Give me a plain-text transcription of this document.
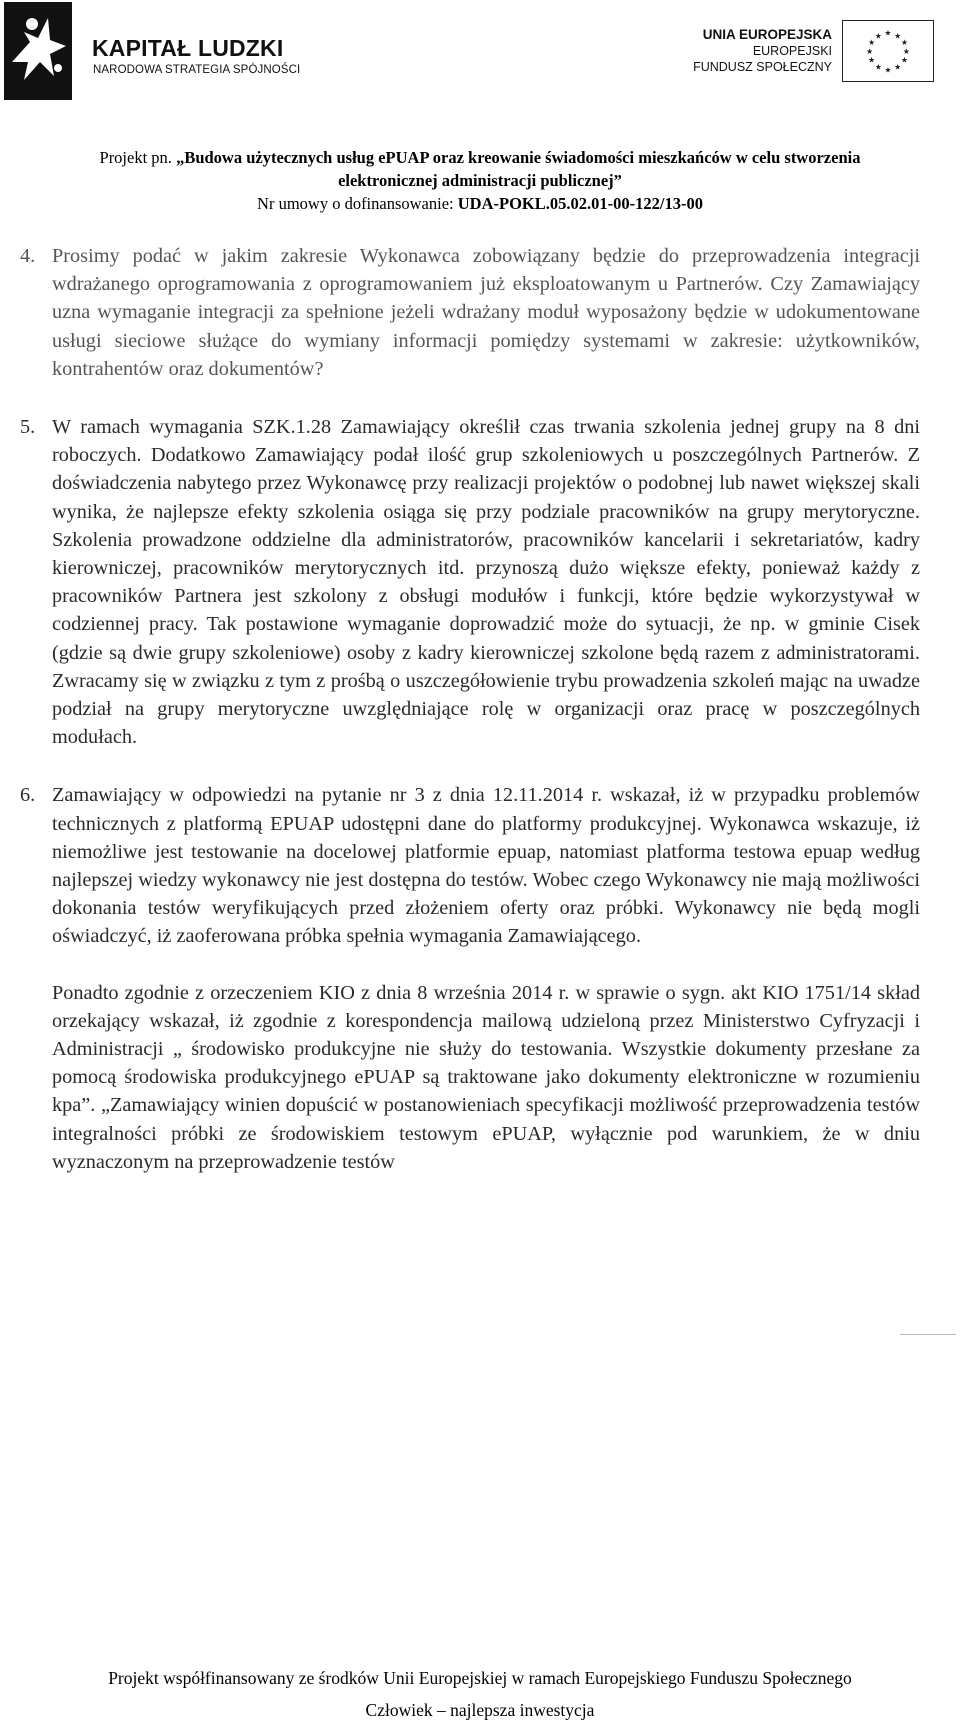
KAPITAŁ LUDZKI
NARODOWA STRATEGIA SPÓJNOŚCI
UNIA EUROPEJSKA
EUROPEJSKI
FUNDUSZ SPOŁECZNY
★ ★
★
★
★
★
★
★
★
★
★
★
Projekt pn. „Budowa użytecznych usług ePUAP oraz kreowanie świadomości mieszkańców w celu stworzenia
elektronicznej administracji publicznej”
Nr umowy o dofinansowanie: UDA-POKL.05.02.01-00-122/13-00
4. Prosimy podać w jakim zakresie Wykonawca zobowiązany będzie do przeprowadzenia integracji wdrażanego oprogramowania z oprogramowaniem już eksploatowanym u Partnerów. Czy Zamawiający uzna wymaganie integracji za spełnione jeżeli wdrażany moduł wyposażony będzie w udokumentowane usługi sieciowe służące do wymiany informacji pomiędzy systemami w zakresie: użytkowników, kontrahentów oraz dokumentów?

5. W ramach wymagania SZK.1.28 Zamawiający określił czas trwania szkolenia jednej grupy na 8 dni roboczych. Dodatkowo Zamawiający podał ilość grup szkoleniowych u poszczególnych Partnerów. Z doświadczenia nabytego przez Wykonawcę przy realizacji projektów o podobnej lub nawet większej skali wynika, że najlepsze efekty szkolenia osiąga się przy podziale pracowników na grupy merytoryczne. Szkolenia prowadzone oddzielne dla administratorów, pracowników kancelarii i sekretariatów, kadry kierowniczej, pracowników merytorycznych itd. przynoszą dużo większe efekty, ponieważ każdy z pracowników Partnera jest szkolony z obsługi modułów i funkcji, które będzie wykorzystywał w codziennej pracy. Tak postawione wymaganie doprowadzić może do sytuacji, że np. w gminie Cisek (gdzie są dwie grupy szkoleniowe) osoby z kadry kierowniczej szkolone będą razem z administratorami. Zwracamy się w związku z tym z prośbą o uszczegółowienie trybu prowadzenia szkoleń mając na uwadze podział na grupy merytoryczne uwzględniające rolę w organizacji oraz pracę w poszczególnych modułach.

6. Zamawiający w odpowiedzi na pytanie nr 3 z dnia 12.11.2014 r. wskazał, iż w przypadku problemów technicznych z platformą EPUAP udostępni dane do platformy produkcyjnej. Wykonawca wskazuje, iż niemożliwe jest testowanie na docelowej platformie epuap, natomiast platforma testowa epuap według najlepszej wiedzy wykonawcy nie jest dostępna do testów. Wobec czego Wykonawcy nie mają możliwości dokonania testów weryfikujących przed złożeniem oferty oraz próbki. Wykonawcy nie będą mogli oświadczyć, iż zaoferowana próbka spełnia wymagania Zamawiającego.

Ponadto zgodnie z orzeczeniem KIO z dnia 8 września 2014 r. w sprawie o sygn. akt KIO 1751/14 skład orzekający wskazał, iż zgodnie z korespondencja mailową udzieloną przez Ministerstwo Cyfryzacji i Administracji „ środowisko produkcyjne nie służy do testowania. Wszystkie dokumenty przesłane za pomocą środowiska produkcyjnego ePUAP są traktowane jako dokumenty elektroniczne w rozumieniu kpa”. „Zamawiający winien dopuścić w postanowieniach specyfikacji możliwość przeprowadzenia testów integralności próbki ze środowiskiem testowym ePUAP, wyłącznie pod warunkiem, że w dniu wyznaczonym na przeprowadzenie testów

Projekt współfinansowany ze środków Unii Europejskiej w ramach Europejskiego Funduszu Społecznego
Człowiek – najlepsza inwestycja
